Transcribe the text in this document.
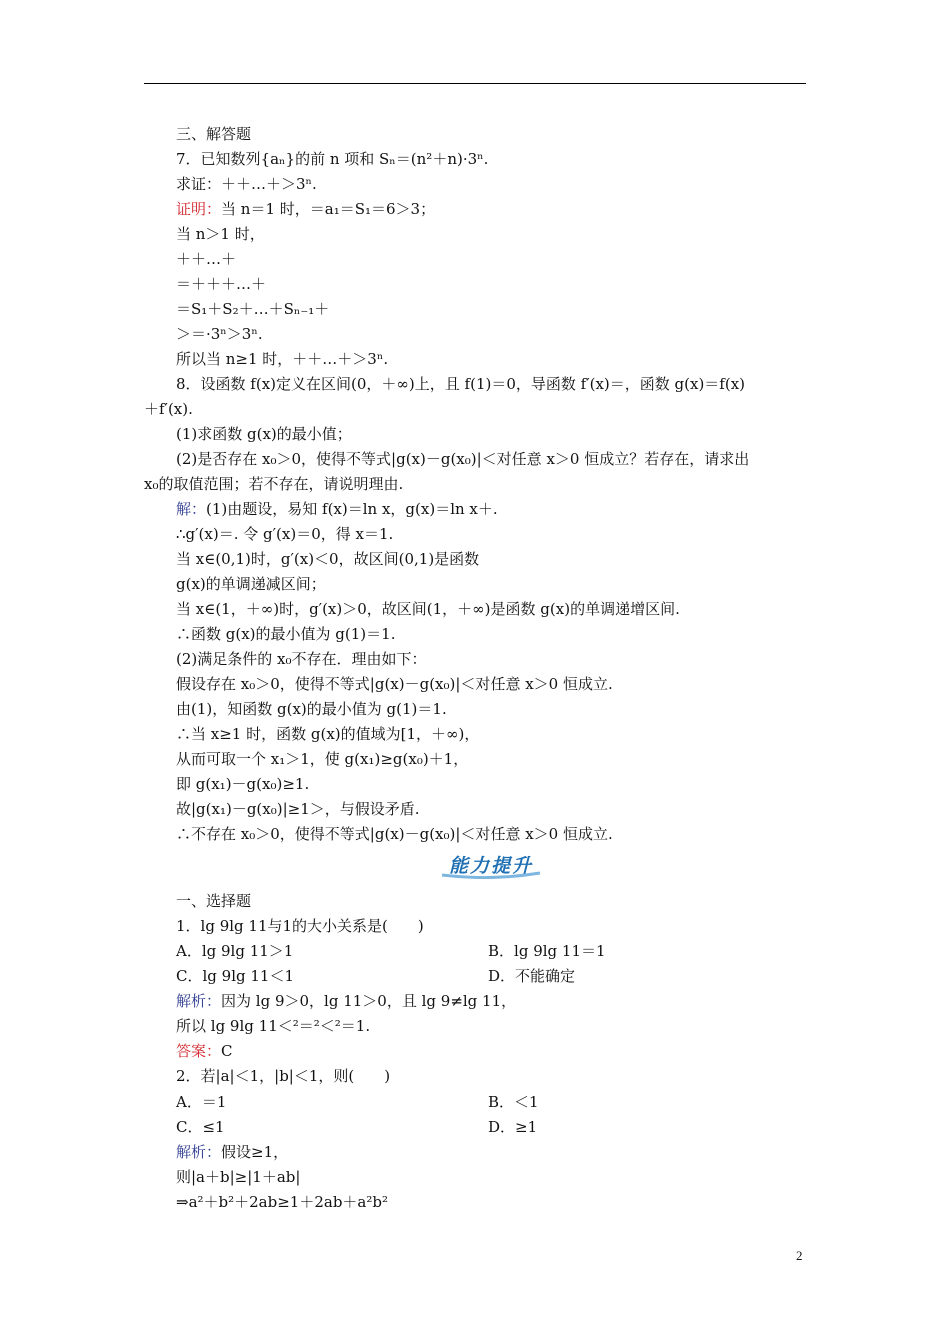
三、解答题
7．已知数列{aₙ}的前 n 项和 Sₙ＝(n²＋n)·3ⁿ.
求证：＋＋…＋＞3ⁿ.
证明：当 n＝1 时，＝a₁＝S₁＝6＞3；
当 n＞1 时，
＋＋…＋
＝＋＋＋…＋
＝S₁＋S₂＋…＋Sₙ₋₁＋
＞＝·3ⁿ＞3ⁿ.
所以当 n≥1 时，＋＋…＋＞3ⁿ.
8．设函数 f(x)定义在区间(0，＋∞)上，且 f(1)＝0，导函数 f′(x)＝，函数 g(x)＝f(x)
＋f′(x).
(1)求函数 g(x)的最小值；
(2)是否存在 x₀＞0，使得不等式|g(x)－g(x₀)|＜对任意 x＞0 恒成立？若存在，请求出
x₀的取值范围；若不存在，请说明理由.
解：(1)由题设，易知 f(x)＝ln x，g(x)＝ln x＋.
∴g′(x)＝. 令 g′(x)＝0，得 x＝1.
当 x∈(0,1)时，g′(x)＜0，故区间(0,1)是函数
g(x)的单调递减区间；
当 x∈(1，＋∞)时，g′(x)＞0，故区间(1，＋∞)是函数 g(x)的单调递增区间.
∴函数 g(x)的最小值为 g(1)＝1.
(2)满足条件的 x₀不存在．理由如下：
假设存在 x₀＞0，使得不等式|g(x)－g(x₀)|＜对任意 x＞0 恒成立.
由(1)，知函数 g(x)的最小值为 g(1)＝1.
∴当 x≥1 时，函数 g(x)的值域为[1，＋∞)，
从而可取一个 x₁＞1，使 g(x₁)≥g(x₀)＋1，
即 g(x₁)－g(x₀)≥1.
故|g(x₁)－g(x₀)|≥1＞，与假设矛盾.
∴不存在 x₀＞0，使得不等式|g(x)－g(x₀)|＜对任意 x＞0 恒成立.
能力提升
一、选择题
1．lg 9lg 11与1的大小关系是(　　)
A．lg 9lg 11＞1	B．lg 9lg 11＝1
C．lg 9lg 11＜1	D．不能确定
解析：因为 lg 9＞0，lg 11＞0，且 lg 9≠lg 11，
所以 lg 9lg 11＜²＝²＜²＝1.
答案：C
2．若|a|＜1，|b|＜1，则(　　)
A．＝1	B．＜1
C．≤1	D．≥1
解析：假设≥1，
则|a＋b|≥|1＋ab|
⇒a²＋b²＋2ab≥1＋2ab＋a²b²
2
